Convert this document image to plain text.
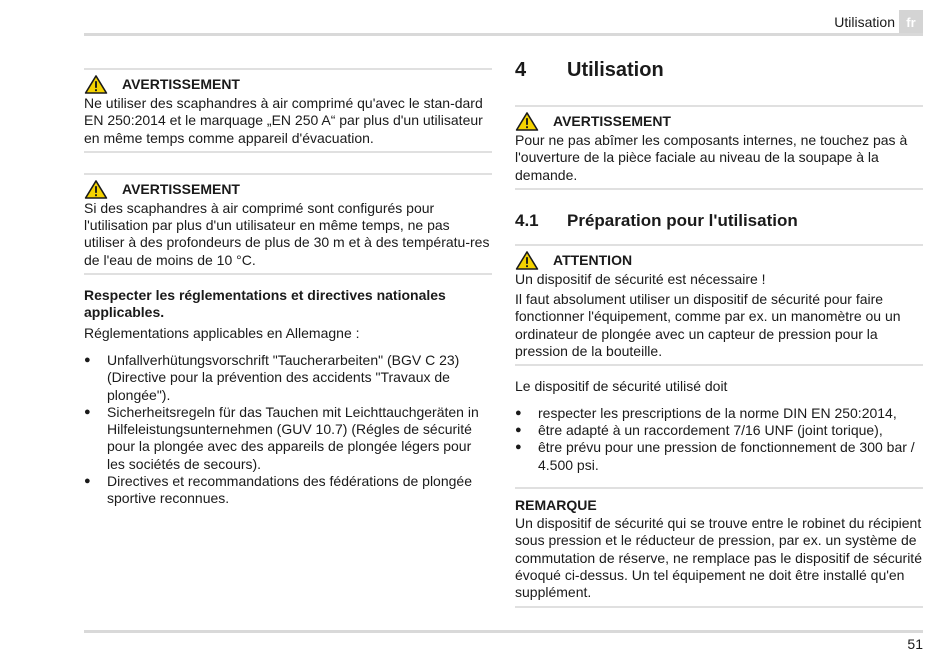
Utilisation fr
AVERTISSEMENT

Ne utiliser des scaphandres à air comprimé qu'avec le stan-dard EN 250:2014 et le marquage „EN 250 A“ par plus d'un utilisateur en même temps comme appareil d'évacuation.

AVERTISSEMENT

Si des scaphandres à air comprimé sont configurés pour l'utilisation par plus d'un utilisateur en même temps, ne pas utiliser à des profondeurs de plus de 30 m et à des températu-res de l'eau de moins de 10 °C.

Respecter les réglementations et directives nationales applicables.

Réglementations applicables en Allemagne :

● Unfallverhütungsvorschrift "Taucherarbeiten" (BGV C 23) (Directive pour la prévention des accidents "Travaux de plongée").
● Sicherheitsregeln für das Tauchen mit Leichttauchgeräten in Hilfeleistungsunternehmen (GUV 10.7) (Régles de sécurité pour la plongée avec des appareils de plongée légers pour les sociétés de secours).
● Directives et recommandations des fédérations de plongée sportive reconnues.
4	Utilisation
AVERTISSEMENT

Pour ne pas abîmer les composants internes, ne touchez pas à l'ouverture de la pièce faciale au niveau de la soupape à la demande.

4.1	Préparation pour l'utilisation
ATTENTION

Un dispositif de sécurité est nécessaire !

Il faut absolument utiliser un dispositif de sécurité pour faire fonctionner l'équipement, comme par ex. un manomètre ou un ordinateur de plongée avec un capteur de pression pour la pression de la bouteille.

Le dispositif de sécurité utilisé doit

● respecter les prescriptions de la norme DIN EN 250:2014,
● être adapté à un raccordement 7/16 UNF (joint torique),
● être prévu pour une pression de fonctionnement de 300 bar / 4.500 psi.
REMARQUE

Un dispositif de sécurité qui se trouve entre le robinet du récipient sous pression et le réducteur de pression, par ex. un système de commutation de réserve, ne remplace pas le dispositif de sécurité évoqué ci-dessus. Un tel équipement ne doit être installé qu'en supplément.

51
